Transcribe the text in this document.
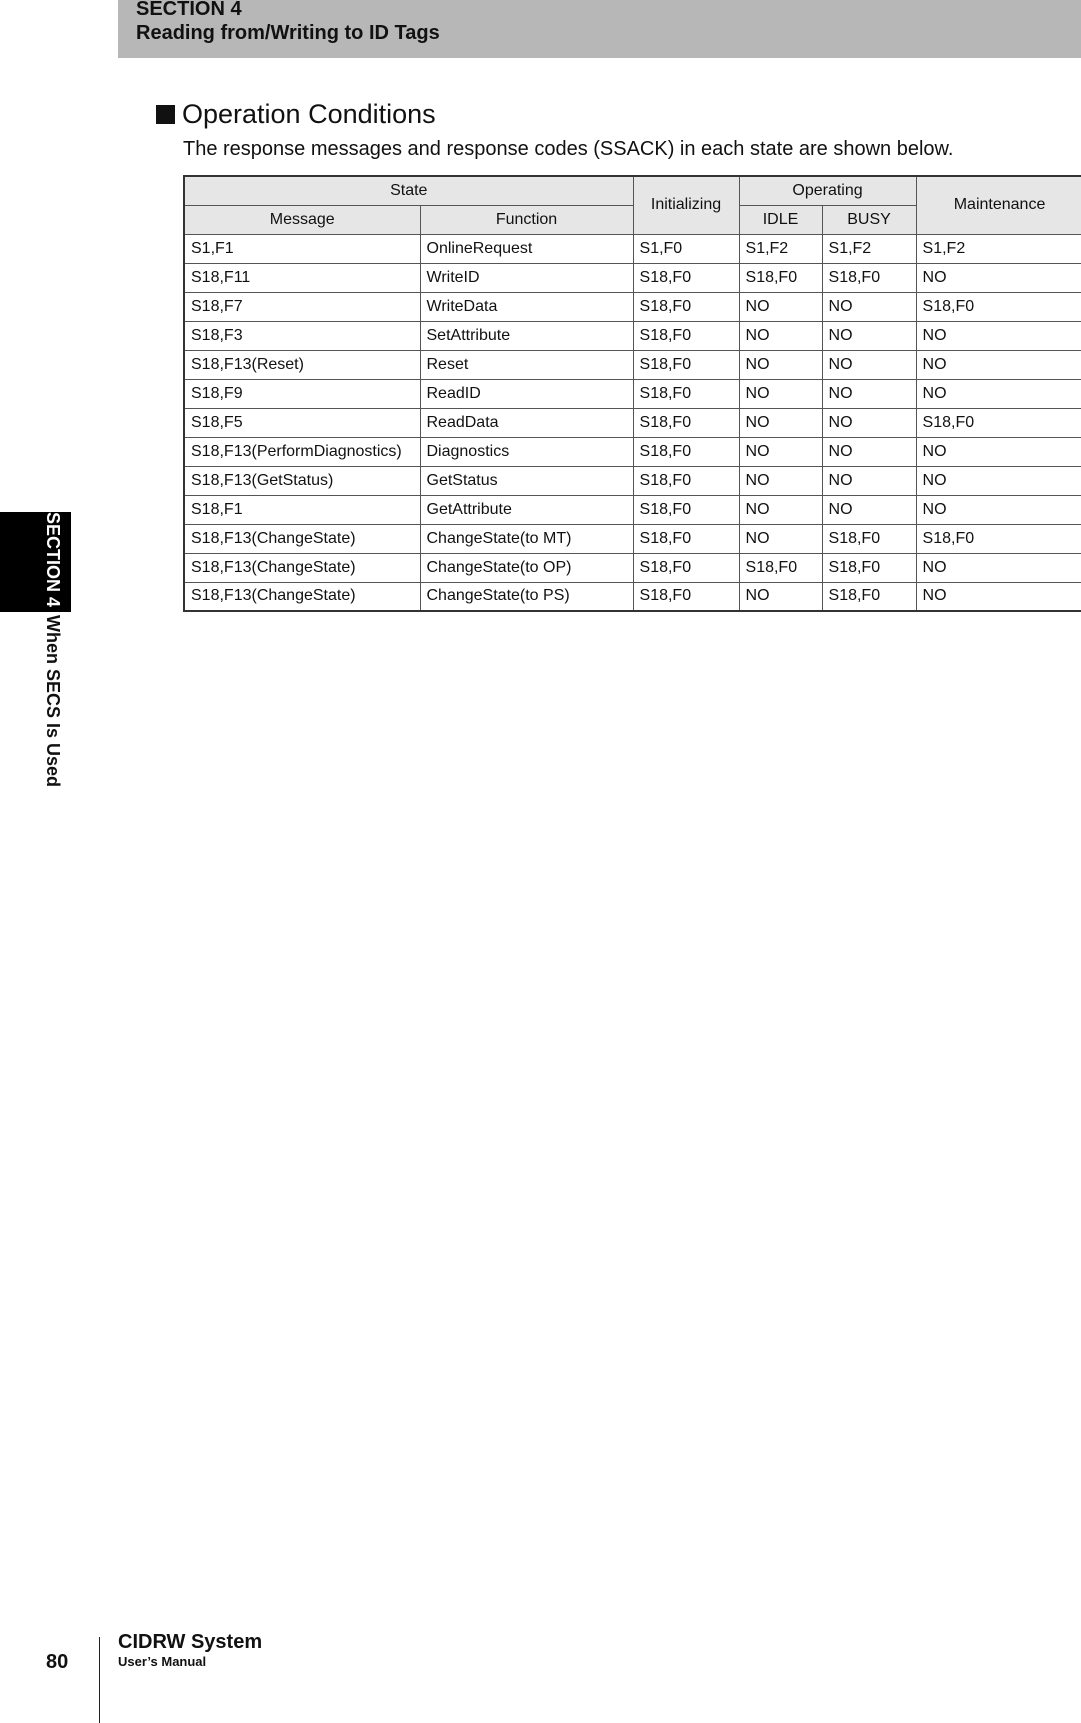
SECTION 4
Reading from/Writing to ID Tags
SECTION 4When SECS Is Used
Operation Conditions
The response messages and response codes (SSACK) in each state are shown below.
State		Initializing	Operating		Maintenance
Message	Function		IDLE	BUSY	
S1,F1	OnlineRequest	S1,F0	S1,F2	S1,F2	S1,F2
S18,F11	WriteID	S18,F0	S18,F0	S18,F0	NO
S18,F7	WriteData	S18,F0	NO	NO	S18,F0
S18,F3	SetAttribute	S18,F0	NO	NO	NO
S18,F13(Reset)	Reset	S18,F0	NO	NO	NO
S18,F9	ReadID	S18,F0	NO	NO	NO
S18,F5	ReadData	S18,F0	NO	NO	S18,F0
S18,F13(PerformDiagnostics)	Diagnostics	S18,F0	NO	NO	NO
S18,F13(GetStatus)	GetStatus	S18,F0	NO	NO	NO
S18,F1	GetAttribute	S18,F0	NO	NO	NO
S18,F13(ChangeState)	ChangeState(to MT)	S18,F0	NO	S18,F0	S18,F0
S18,F13(ChangeState)	ChangeState(to OP)	S18,F0	S18,F0	S18,F0	NO
S18,F13(ChangeState)	ChangeState(to PS)	S18,F0	NO	S18,F0	NO
80
CIDRW System
User’s Manual
